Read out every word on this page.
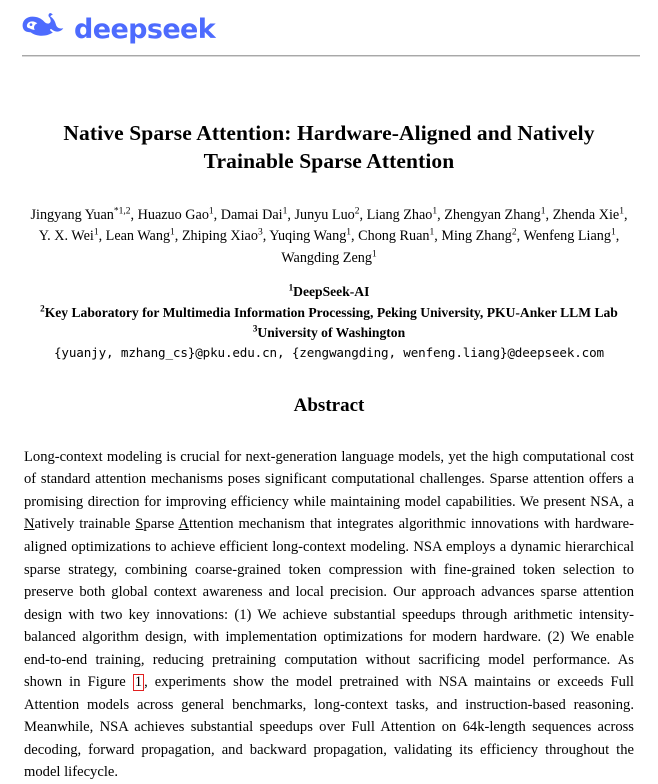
deepseek
Native Sparse Attention: Hardware-Aligned and Natively Trainable Sparse Attention
Jingyang Yuan$^{*1,2}$, Huazuo Gao$^1$, Damai Dai$^1$, Junyu Luo$^2$, Liang Zhao$^1$, Zhengyan Zhang$^1$, Zhenda Xie$^1$,
Y. X. Wei$^1$, Lean Wang$^1$, Zhiping Xiao$^3$, Yuqing Wang$^1$, Chong Ruan$^1$, Ming Zhang$^2$, Wenfeng Liang$^1$,
Wangding Zeng$^1$
$^1$DeepSeek-AI
$^2$Key Laboratory for Multimedia Information Processing, Peking University, PKU-Anker LLM Lab
$^3$University of Washington
{yuanjy, mzhang_cs}@pku.edu.cn, {zengwangding, wenfeng.liang}@deepseek.com
Abstract

Long-context modeling is crucial for next-generation language models, yet the high computational cost of standard attention mechanisms poses significant computational challenges. Sparse attention offers a promising direction for improving efficiency while maintaining model capabilities. We present NSA, a Natively trainable Sparse Attention mechanism that integrates algorithmic innovations with hardware-aligned optimizations to achieve efficient long-context modeling. NSA employs a dynamic hierarchical sparse strategy, combining coarse-grained token compression with fine-grained token selection to preserve both global context awareness and local precision. Our approach advances sparse attention design with two key innovations: (1) We achieve substantial speedups through arithmetic intensity-balanced algorithm design, with implementation optimizations for modern hardware. (2) We enable end-to-end training, reducing pretraining computation without sacrificing model performance. As shown in Figure 1 , experiments show the model pretrained with NSA maintains or exceeds Full Attention models across general benchmarks, long-context tasks, and instruction-based reasoning. Meanwhile, NSA achieves substantial speedups over Full Attention on 64k-length sequences across decoding, forward propagation, and backward propagation, validating its efficiency throughout the model lifecycle.
